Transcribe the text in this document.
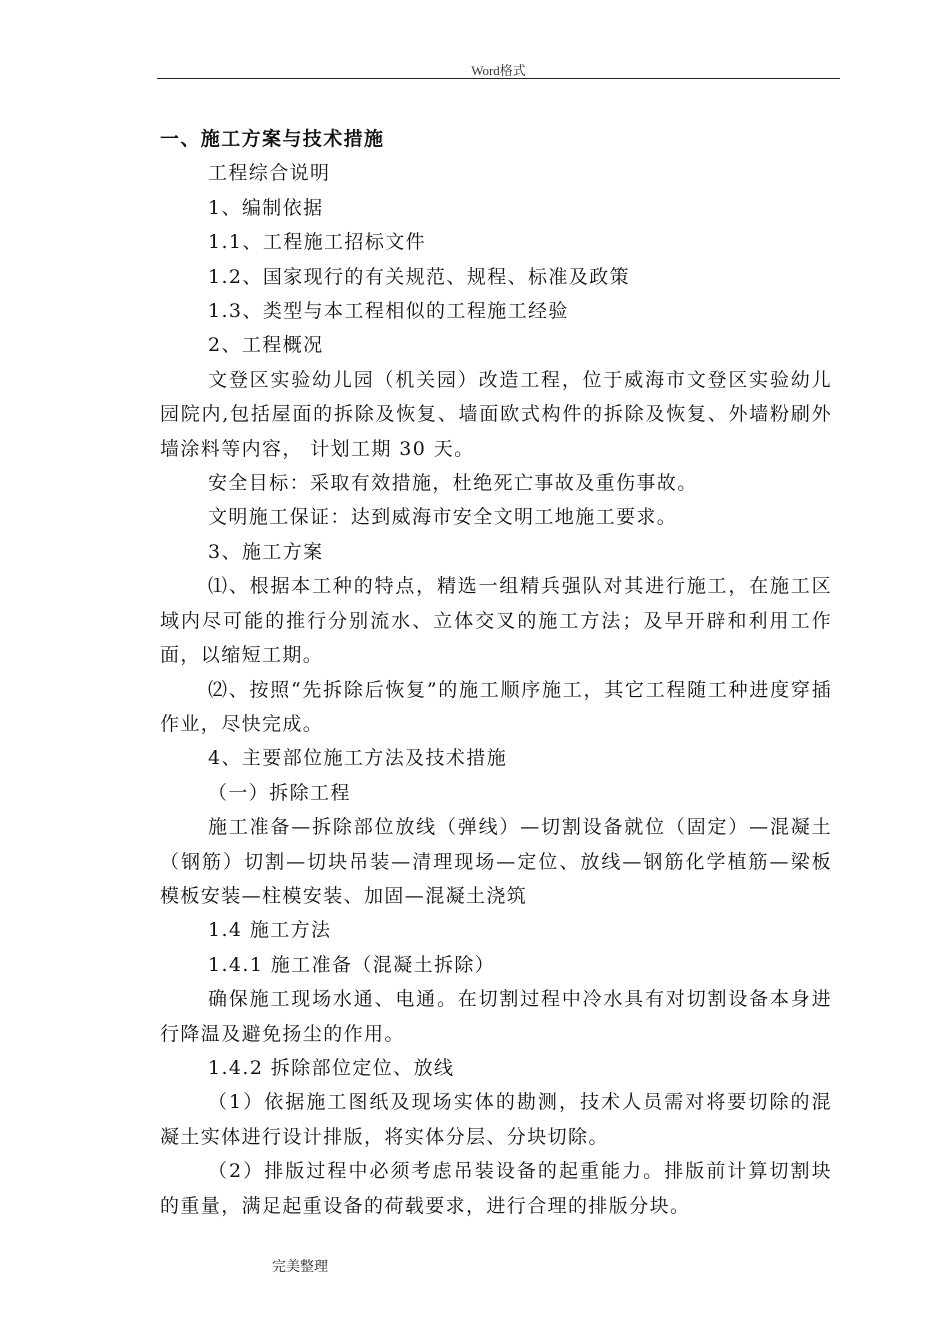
Word格式

一、施工方案与技术措施

工程综合说明

1、编制依据

1.1、工程施工招标文件

1.2、国家现行的有关规范、规程、标准及政策

1.3、类型与本工程相似的工程施工经验

2、工程概况

文登区实验幼儿园（机关园）改造工程，位于威海市文登区实验幼儿园院内,包括屋面的拆除及恢复、墙面欧式构件的拆除及恢复、外墙粉刷外墙涂料等内容， 计划工期 30 天。

安全目标：采取有效措施，杜绝死亡事故及重伤事故。

文明施工保证：达到威海市安全文明工地施工要求。

3、施工方案

⑴、根据本工种的特点，精选一组精兵强队对其进行施工，在施工区域内尽可能的推行分别流水、立体交叉的施工方法；及早开辟和利用工作面，以缩短工期。

⑵、按照“先拆除后恢复”的施工顺序施工，其它工程随工种进度穿插作业，尽快完成。

4、主要部位施工方法及技术措施

（一）拆除工程

施工准备—拆除部位放线（弹线）—切割设备就位（固定）—混凝土（钢筋）切割—切块吊装—清理现场—定位、放线—钢筋化学植筋—梁板模板安装—柱模安装、加固—混凝土浇筑

1.4 施工方法

1.4.1 施工准备（混凝土拆除）

确保施工现场水通、电通。在切割过程中冷水具有对切割设备本身进行降温及避免扬尘的作用。

1.4.2 拆除部位定位、放线

（1）依据施工图纸及现场实体的勘测，技术人员需对将要切除的混凝土实体进行设计排版，将实体分层、分块切除。

（2）排版过程中必须考虑吊装设备的起重能力。排版前计算切割块的重量，满足起重设备的荷载要求，进行合理的排版分块。

完美整理
